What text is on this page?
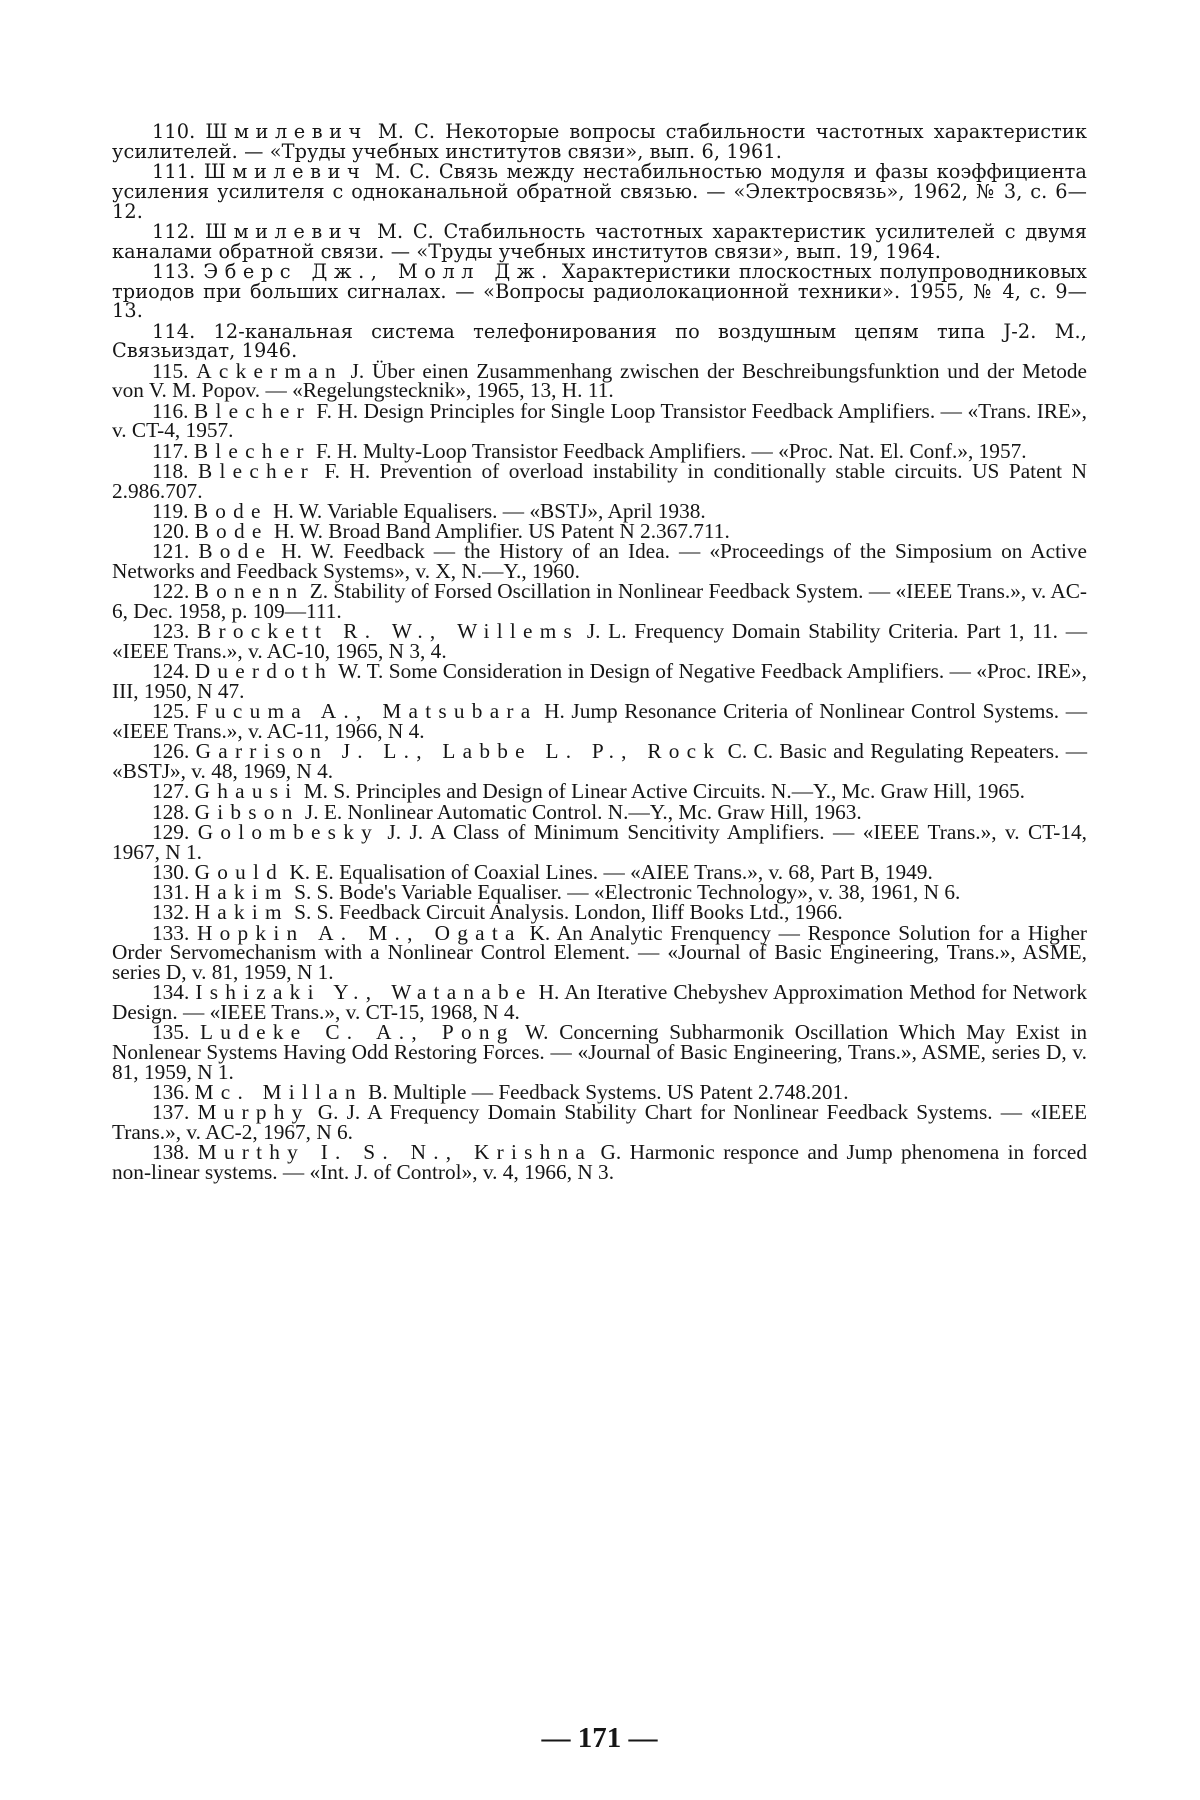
110. Шмилевич М. С. Некоторые вопросы стабильности частотных характеристик усилителей. — «Труды учебных институтов связи», вып. 6, 1961.
111. Шмилевич М. С. Связь между нестабильностью модуля и фазы коэффициента усиления усилителя с одноканальной обратной связью. — «Электросвязь», 1962, № 3, с. 6—12.
112. Шмилевич М. С. Стабильность частотных характеристик усилителей с двумя каналами обратной связи. — «Труды учебных институтов связи», вып. 19, 1964.
113. Эберс Дж., Молл Дж. Характеристики плоскостных полупроводниковых триодов при больших сигналах. — «Вопросы радиолокационной техники». 1955, № 4, с. 9—13.
114. 12-канальная система телефонирования по воздушным цепям типа J-2. М., Связьиздат, 1946.
115. Ackerman J. Über einen Zusammenhang zwischen der Beschreibungsfunktion und der Metode von V. M. Popov. — «Regelungstecknik», 1965, 13, H. 11.
116. Blecher F. H. Design Principles for Single Loop Transistor Feedback Amplifiers. — «Trans. IRE», v. CT-4, 1957.
117. Blecher F. H. Multy-Loop Transistor Feedback Amplifiers. — «Proc. Nat. El. Conf.», 1957.
118. Blecher F. H. Prevention of overload instability in conditionally stable circuits. US Patent N 2.986.707.
119. Bode H. W. Variable Equalisers. — «BSTJ», April 1938.
120. Bode H. W. Broad Band Amplifier. US Patent N 2.367.711.
121. Bode H. W. Feedback — the History of an Idea. — «Proceedings of the Simposium on Active Networks and Feedback Systems», v. X, N.—Y., 1960.
122. Bonenn Z. Stability of Forsed Oscillation in Nonlinear Feedback System. — «IEEE Trans.», v. AC-6, Dec. 1958, p. 109—111.
123. Brockett R. W., Willems J. L. Frequency Domain Stability Criteria. Part 1, 11. — «IEEE Trans.», v. AC-10, 1965, N 3, 4.
124. Duerdoth W. T. Some Consideration in Design of Negative Feedback Amplifiers. — «Proc. IRE», III, 1950, N 47.
125. Fucuma A., Matsubara H. Jump Resonance Criteria of Nonlinear Control Systems. — «IEEE Trans.», v. AC-11, 1966, N 4.
126. Garrison J. L., Labbe L. P., Rock C. C. Basic and Regulating Repeaters. — «BSTJ», v. 48, 1969, N 4.
127. Ghausi M. S. Principles and Design of Linear Active Circuits. N.—Y., Mc. Graw Hill, 1965.
128. Gibson J. E. Nonlinear Automatic Control. N.—Y., Mc. Graw Hill, 1963.
129. Golombesky J. J. A Class of Minimum Sencitivity Amplifiers. — «IEEE Trans.», v. CT-14, 1967, N 1.
130. Gould K. E. Equalisation of Coaxial Lines. — «AIEE Trans.», v. 68, Part B, 1949.
131. Hakim S. S. Bode's Variable Equaliser. — «Electronic Technology», v. 38, 1961, N 6.
132. Hakim S. S. Feedback Circuit Analysis. London, Iliff Books Ltd., 1966.
133. Hopkin A. M., Ogata K. An Analytic Frenquency — Responce Solution for a Higher Order Servomechanism with a Nonlinear Control Element. — «Journal of Basic Engineering, Trans.», ASME, series D, v. 81, 1959, N 1.
134. Ishizaki Y., Watanabe H. An Iterative Chebyshev Approximation Method for Network Design. — «IEEE Trans.», v. CT-15, 1968, N 4.
135. Ludeke C. A., Pong W. Concerning Subharmonik Oscillation Which May Exist in Nonlenear Systems Having Odd Restoring Forces. — «Journal of Basic Engineering, Trans.», ASME, series D, v. 81, 1959, N 1.
136. Mc. Millan B. Multiple — Feedback Systems. US Patent 2.748.201.
137. Murphy G. J. A Frequency Domain Stability Chart for Nonlinear Feedback Systems. — «IEEE Trans.», v. AC-2, 1967, N 6.
138. Murthy I. S. N., Krishna G. Harmonic responce and Jump phenomena in forced non-linear systems. — «Int. J. of Control», v. 4, 1966, N 3.
— 171 —
